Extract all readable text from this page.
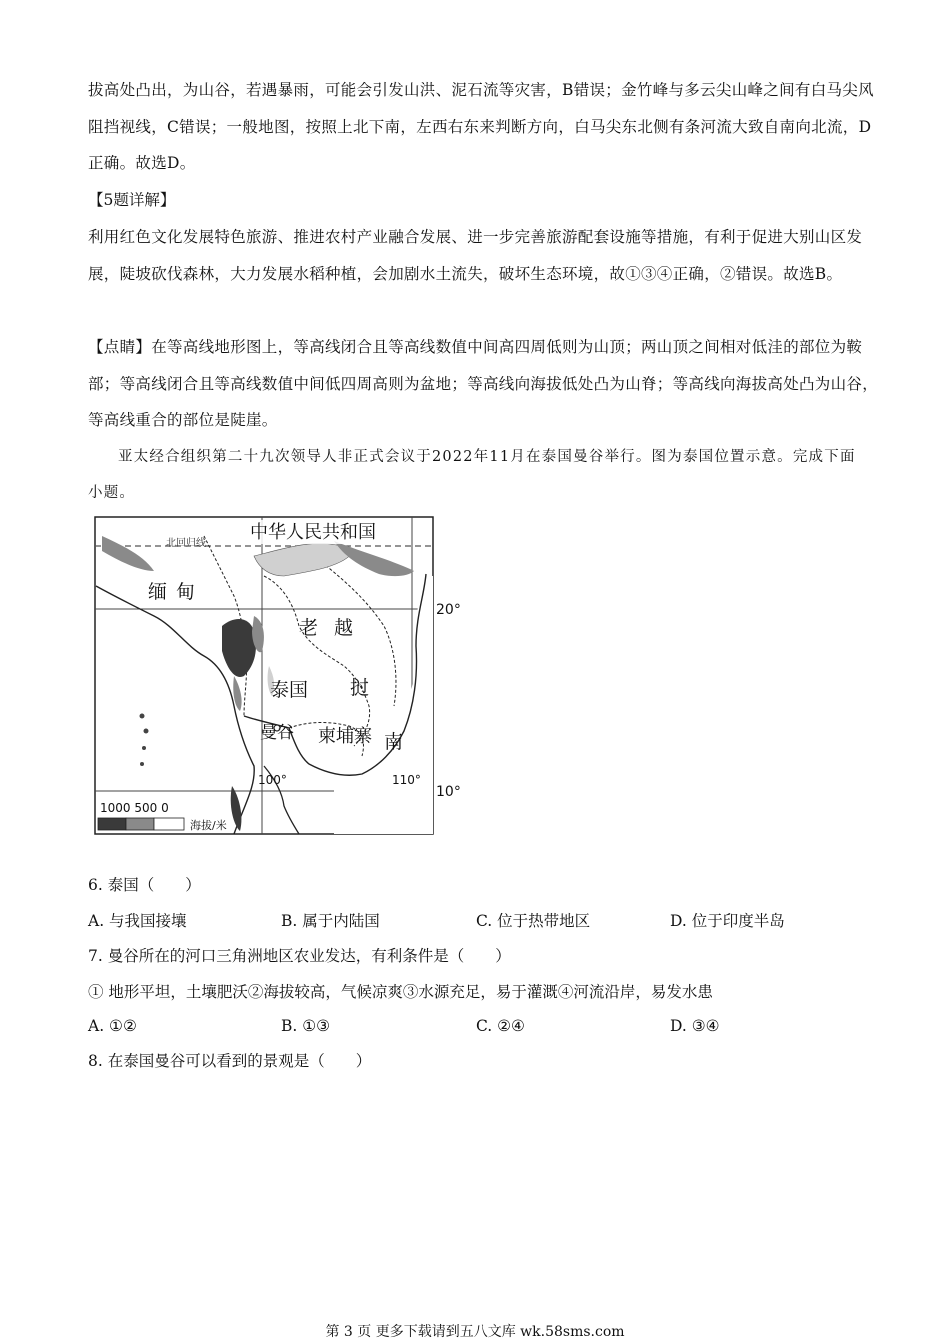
拔高处凸出，为山谷，若遇暴雨，可能会引发山洪、泥石流等灾害，B错误；金竹峰与多云尖山峰之间有白马尖风阻挡视线，C错误；一般地图，按照上北下南，左西右东来判断方向，白马尖东北侧有条河流大致自南向北流，D正确。故选D。

【5题详解】

利用红色文化发展特色旅游、推进农村产业融合发展、进一步完善旅游配套设施等措施，有利于促进大别山区发展，陡坡砍伐森林，大力发展水稻种植，会加剧水土流失，破坏生态环境，故①③④正确，②错误。故选B。

【点睛】在等高线地形图上，等高线闭合且等高线数值中间高四周低则为山顶；两山顶之间相对低洼的部位为鞍部；等高线闭合且等高线数值中间低四周高则为盆地；等高线向海拔低处凸为山脊；等高线向海拔高处凸为山谷，等高线重合的部位是陡崖。

亚太经合组织第二十九次领导人非正式会议于2022年11月在泰国曼谷举行。图为泰国位置示意。完成下面小题。

中华人民共和国
北回归线
缅 甸
老 越
挝
南
泰国
曼谷 柬埔寨
20°
10°
100°	110°
1000 500 0
海拔/米

6. 泰国（　　）

A. 与我国接壤	B. 属于内陆国	C. 位于热带地区	D. 位于印度半岛

7. 曼谷所在的河口三角洲地区农业发达，有利条件是（　　）

① 地形平坦，土壤肥沃②海拔较高，气候凉爽③水源充足，易于灌溉④河流沿岸，易发水患

A. ①②	B. ①③	C. ②④	D. ③④

8. 在泰国曼谷可以看到的景观是（　　）

第 3 页 更多下载请到五八文库 wk.58sms.com
